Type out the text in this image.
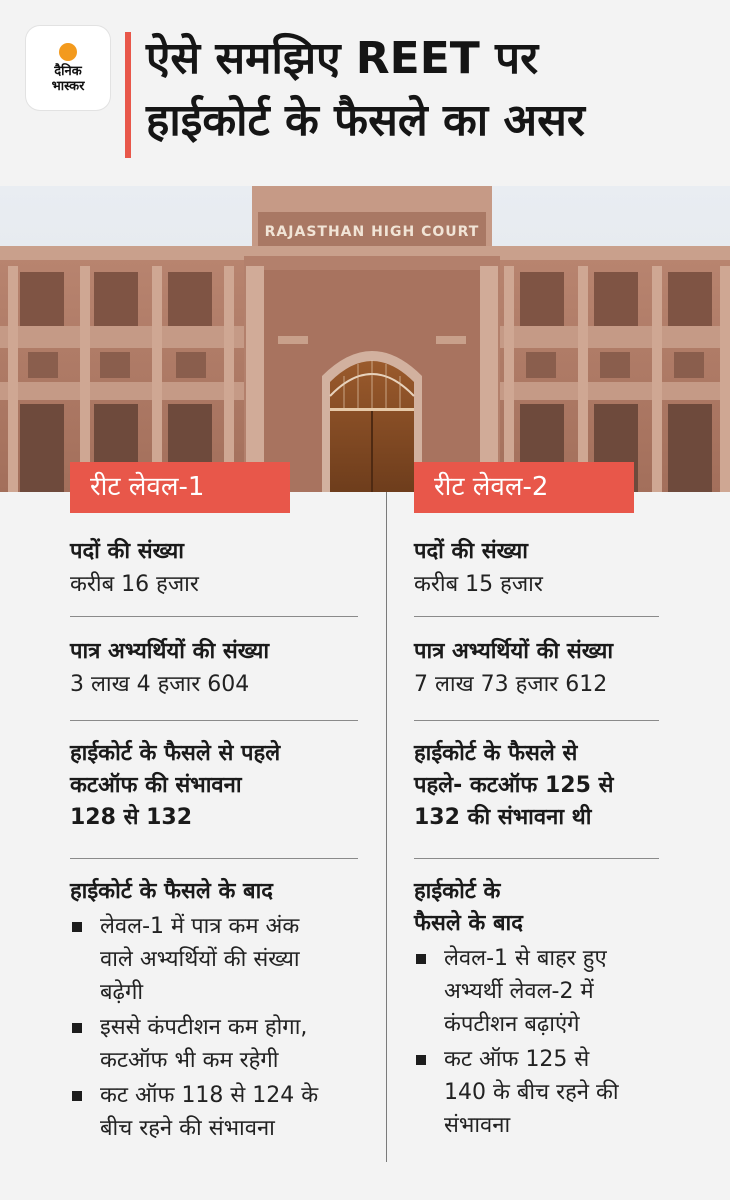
दैनिक
भास्कर
ऐसे समझिए REET पर
हाईकोर्ट के फैसले का असर
RAJASTHAN HIGH COURT
रीट लेवल-1
पदों की संख्या
करीब 16 हजार
पात्र अभ्यर्थियों की संख्या
3 लाख 4 हजार 604
हाईकोर्ट के फैसले से पहले
कटऑफ की संभावना
128 से 132
हाईकोर्ट के फैसले के बाद
लेवल-1 में पात्र कम अंक
वाले अभ्यर्थियों की संख्या
बढ़ेगी
इससे कंपटीशन कम होगा,
कटऑफ भी कम रहेगी
कट ऑफ 118 से 124 के
बीच रहने की संभावना
रीट लेवल-2
पदों की संख्या
करीब 15 हजार
पात्र अभ्यर्थियों की संख्या
7 लाख 73 हजार 612
हाईकोर्ट के फैसले से
पहले- कटऑफ 125 से
132 की संभावना थी
हाईकोर्ट के
फैसले के बाद
लेवल-1 से बाहर हुए
अभ्यर्थी लेवल-2 में
कंपटीशन बढ़ाएंगे
कट ऑफ 125 से
140 के बीच रहने की
संभावना
